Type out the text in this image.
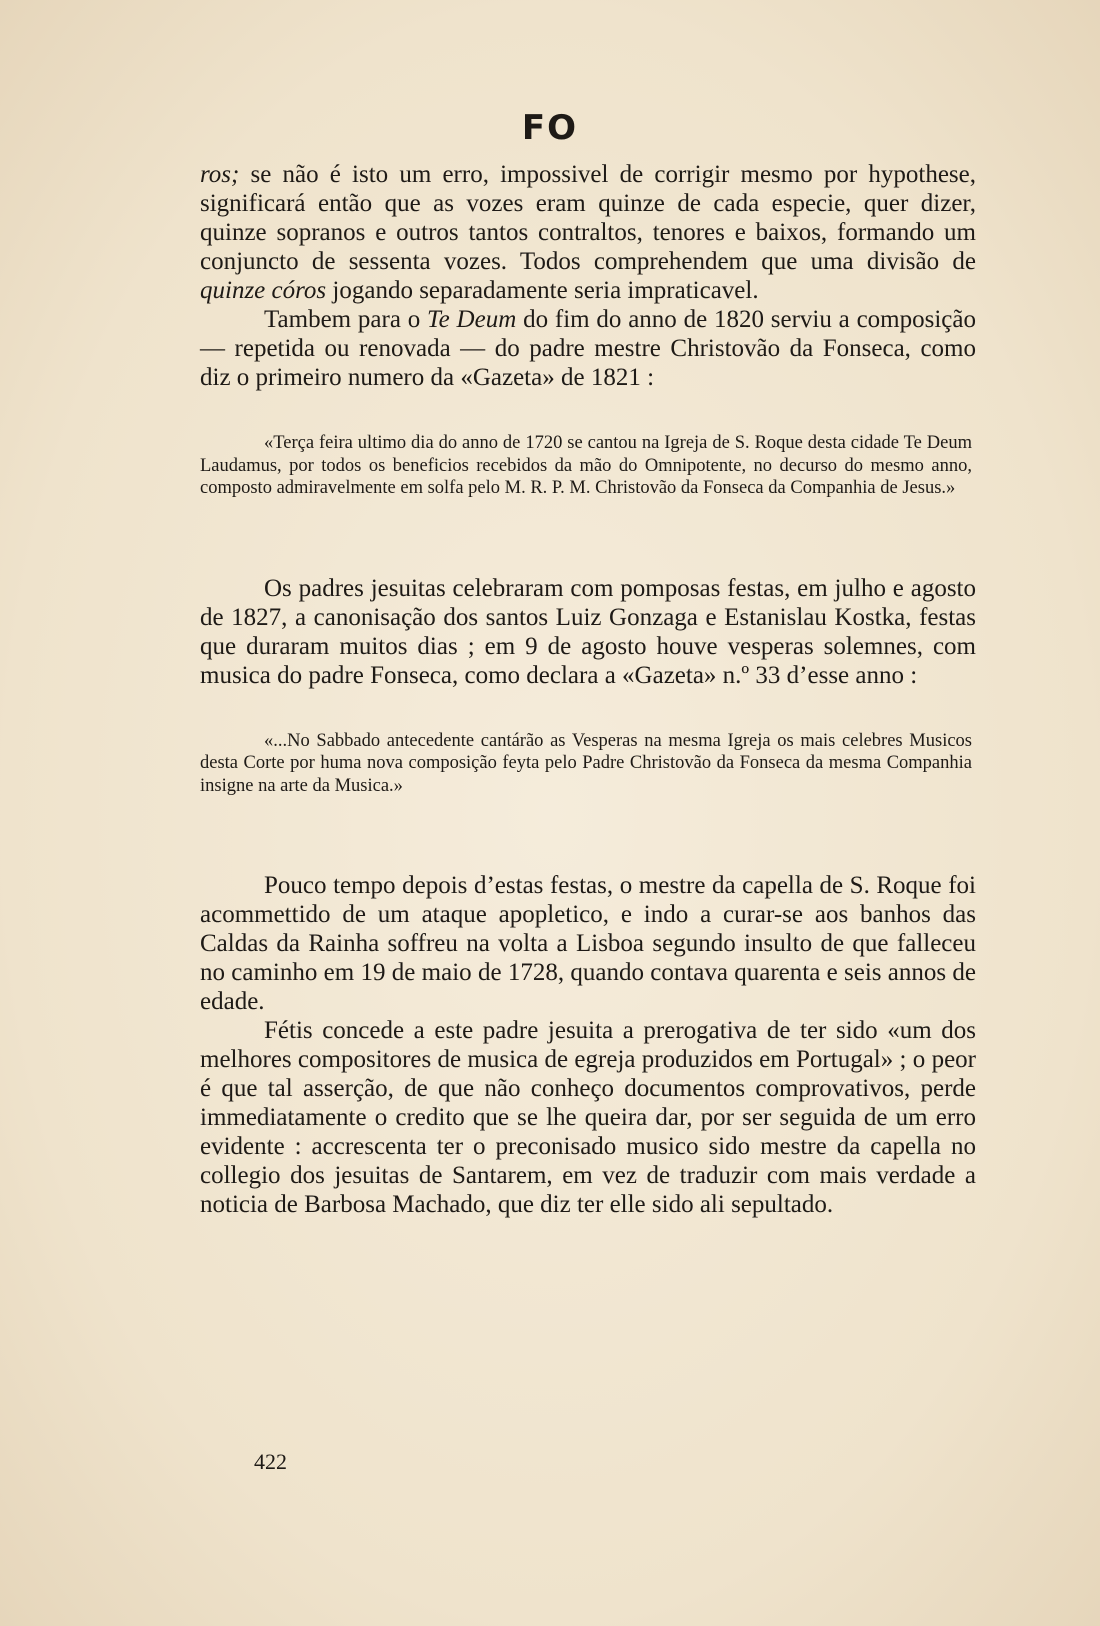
FO

ros; se não é isto um erro, impossivel de corrigir mesmo por hypothese, significará então que as vozes eram quinze de cada especie, quer dizer, quinze sopranos e outros tantos contraltos, tenores e baixos, formando um conjuncto de sessenta vozes. Todos comprehendem que uma divisão de quinze córos jogando separadamente seria impraticavel.

Tambem para o Te Deum do fim do anno de 1820 serviu a composição — repetida ou renovada — do padre mestre Christovão da Fonseca, como diz o primeiro numero da «Gazeta» de 1821 :

«Terça feira ultimo dia do anno de 1720 se cantou na Igreja de S. Roque desta cidade Te Deum Laudamus, por todos os beneficios recebidos da mão do Omnipotente, no decurso do mesmo anno, composto admiravelmente em solfa pelo M. R. P. M. Christovão da Fonseca da Companhia de Jesus.»

Os padres jesuitas celebraram com pomposas festas, em julho e agosto de 1827, a canonisação dos santos Luiz Gonzaga e Estanislau Kostka, festas que duraram muitos dias ; em 9 de agosto houve vesperas solemnes, com musica do padre Fonseca, como declara a «Gazeta» n.º 33 d’esse anno :

«...No Sabbado antecedente cantárão as Vesperas na mesma Igreja os mais celebres Musicos desta Corte por huma nova composição feyta pelo Padre Christovão da Fonseca da mesma Companhia insigne na arte da Musica.»

Pouco tempo depois d’estas festas, o mestre da capella de S. Roque foi acommettido de um ataque apopletico, e indo a curar-se aos banhos das Caldas da Rainha soffreu na volta a Lisboa segundo insulto de que falleceu no caminho em 19 de maio de 1728, quando contava quarenta e seis annos de edade.

Fétis concede a este padre jesuita a prerogativa de ter sido «um dos melhores compositores de musica de egreja produzidos em Portugal» ; o peor é que tal asserção, de que não conheço documentos comprovativos, perde immediatamente o credito que se lhe queira dar, por ser seguida de um erro evidente : accrescenta ter o preconisado musico sido mestre da capella no collegio dos jesuitas de Santarem, em vez de traduzir com mais verdade a noticia de Barbosa Machado, que diz ter elle sido ali sepultado.

422
